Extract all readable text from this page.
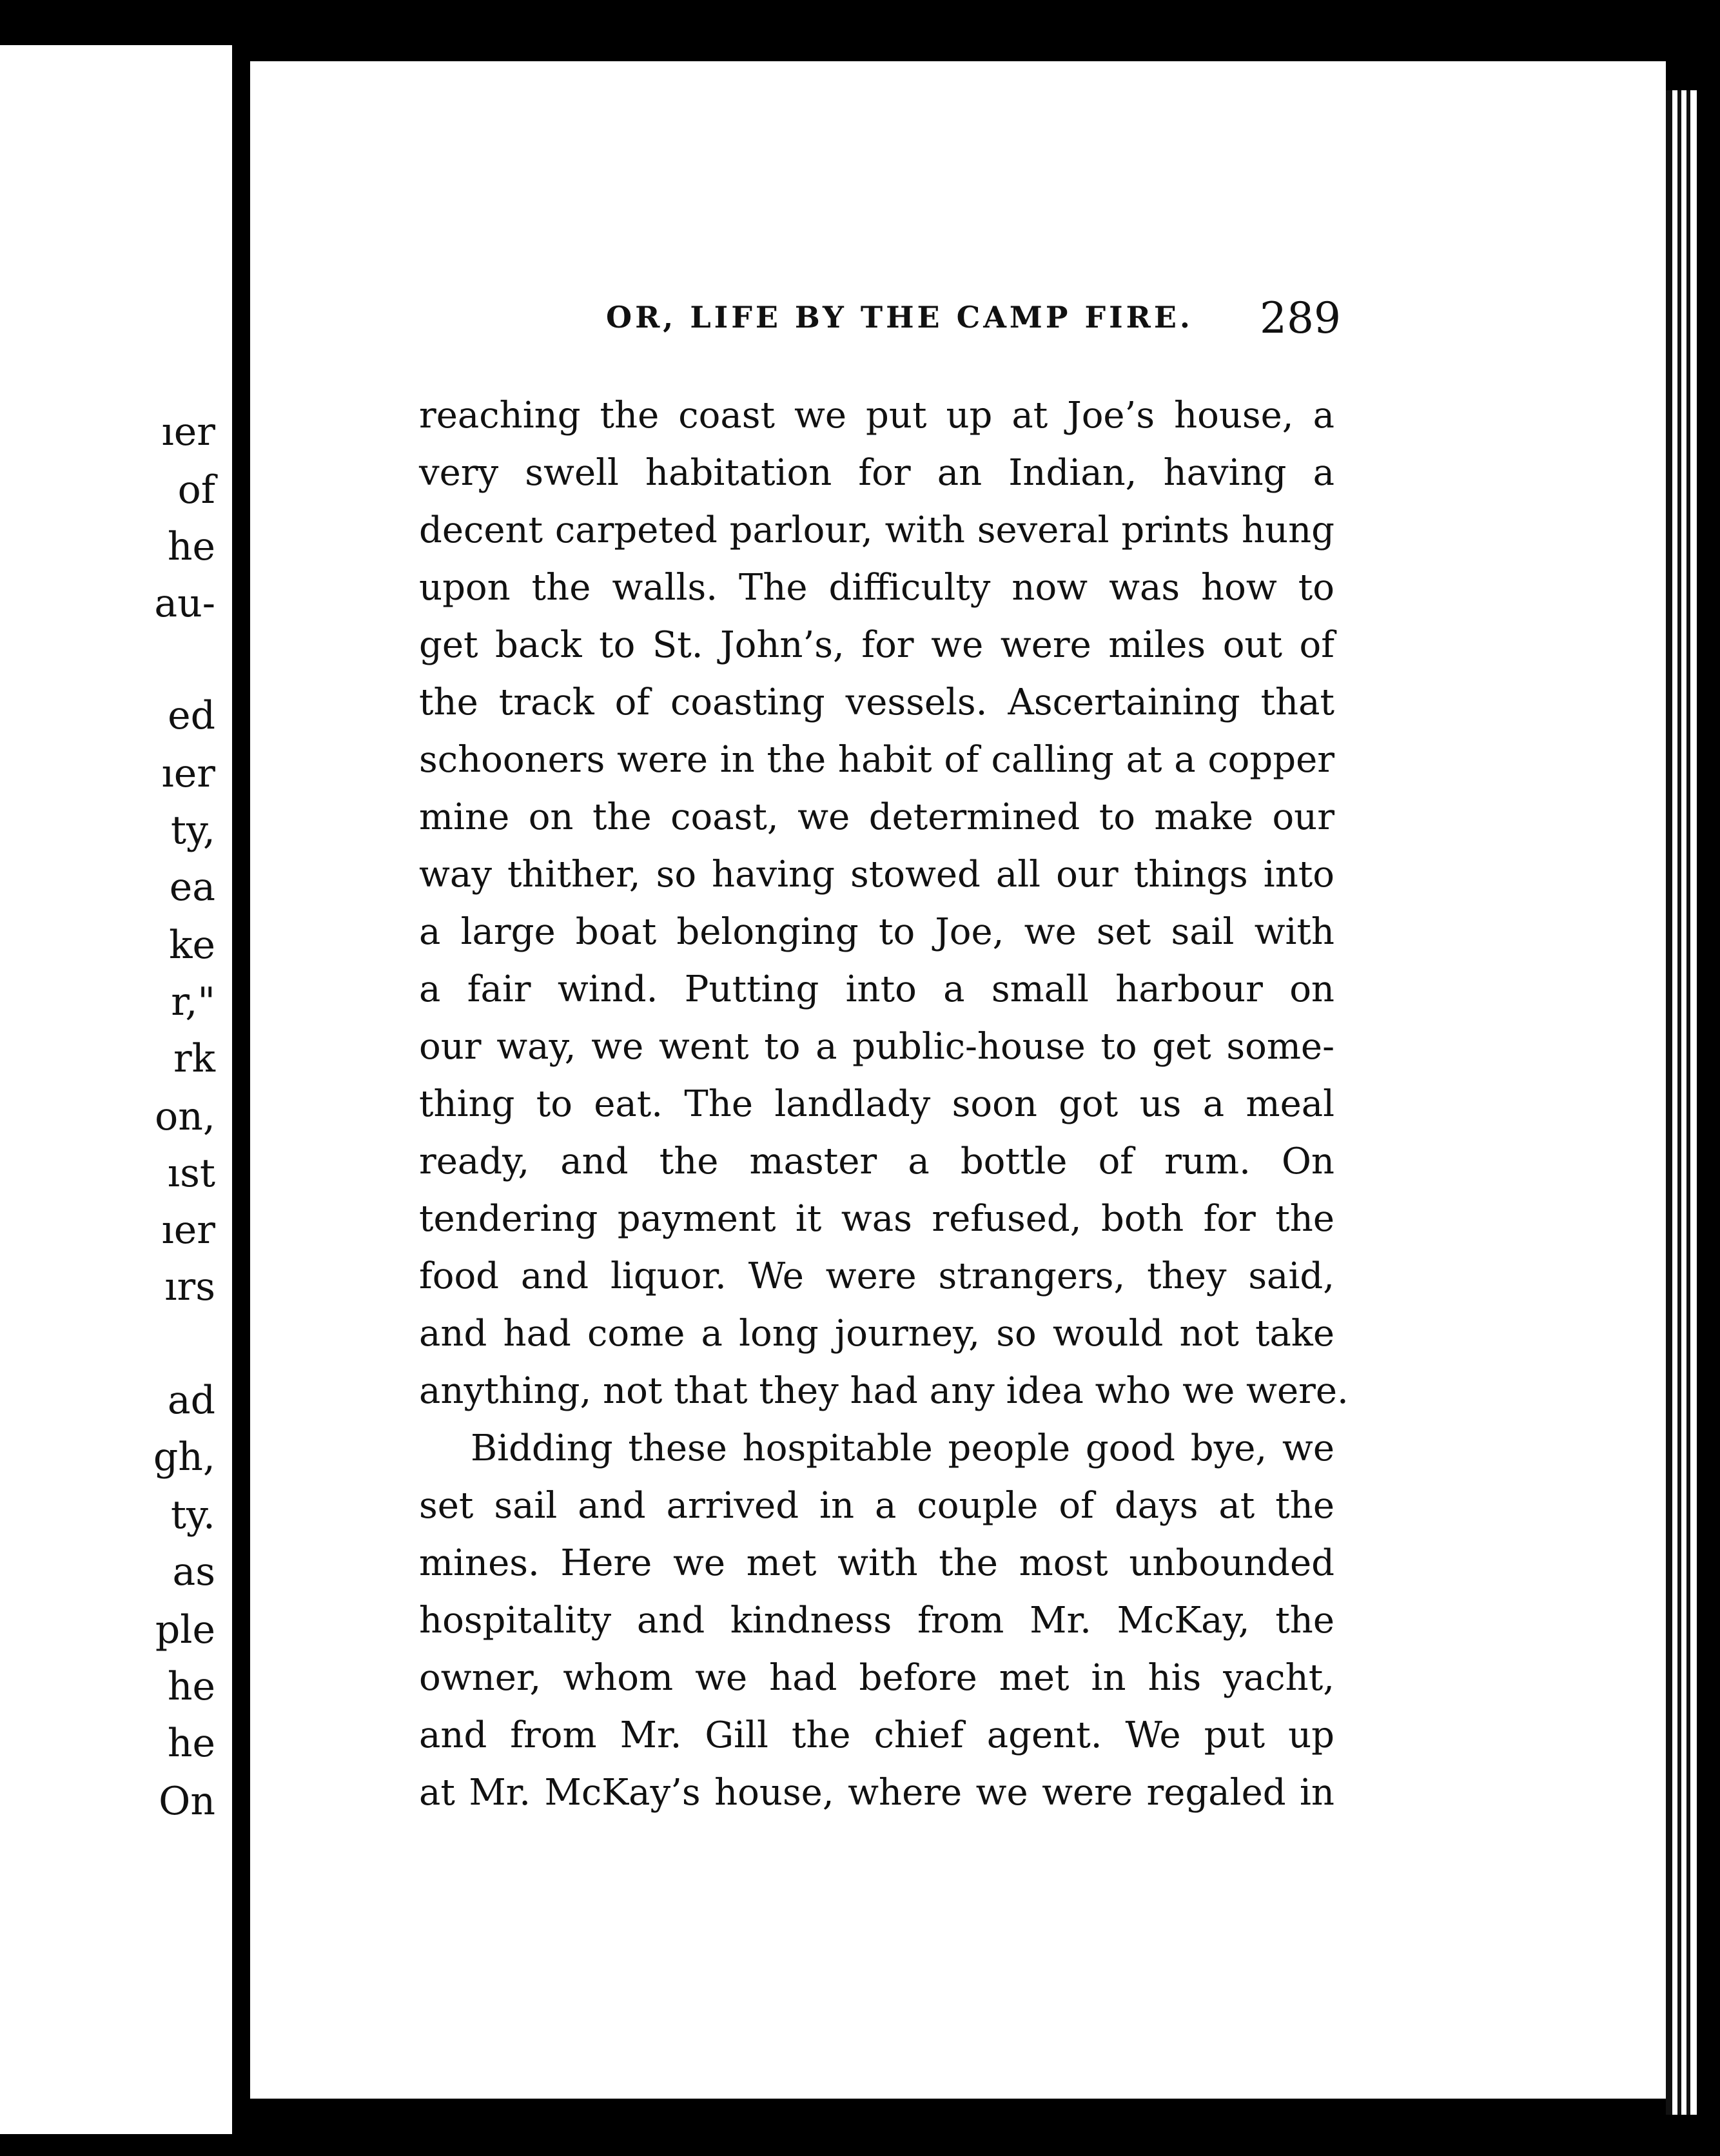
ıer
of
he
au-
ed
ıer
ty,
ea
ke
r,"
rk
on,
ıst
ıer
ırs
ad
gh,
ty.
as
ple
he
he
On
OR, LIFE BY THE CAMP FIRE. 289
reaching the coast we put up at Joe’s house, a
very swell habitation for an Indian, having a
decent carpeted parlour, with several prints hung
upon the walls. The difficulty now was how to
get back to St. John’s, for we were miles out of
the track of coasting vessels. Ascertaining that
schooners were in the habit of calling at a copper
mine on the coast, we determined to make our
way thither, so having stowed all our things into
a large boat belonging to Joe, we set sail with
a fair wind. Putting into a small harbour on
our way, we went to a public-house to get some-
thing to eat. The landlady soon got us a meal
ready, and the master a bottle of rum. On
tendering payment it was refused, both for the
food and liquor. We were strangers, they said,
and had come a long journey, so would not take
anything, not that they had any idea who we were.
Bidding these hospitable people good bye, we
set sail and arrived in a couple of days at the
mines. Here we met with the most unbounded
hospitality and kindness from Mr. McKay, the
owner, whom we had before met in his yacht,
and from Mr. Gill the chief agent. We put up
at Mr. McKay’s house, where we were regaled in
